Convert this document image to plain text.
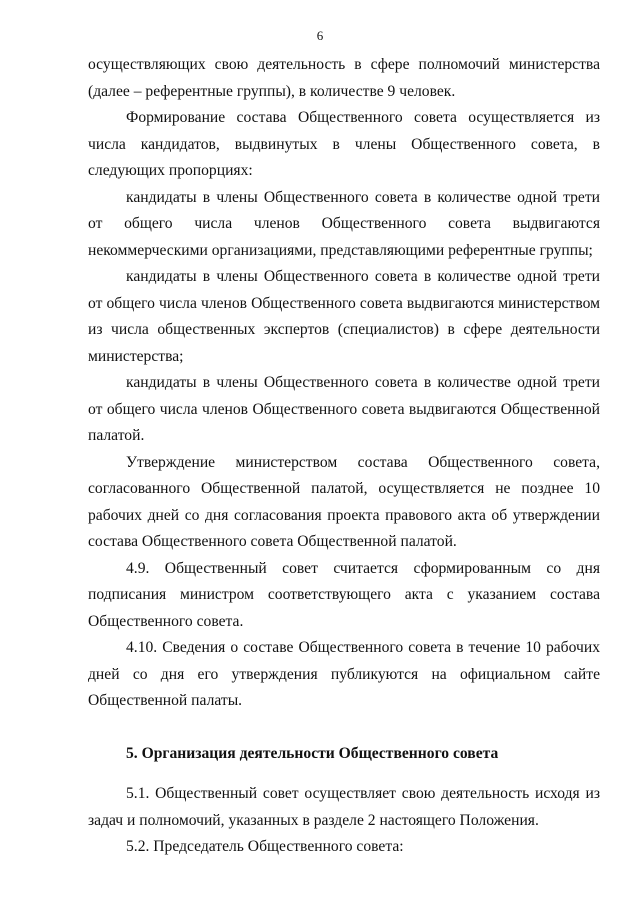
6

осуществляющих свою деятельность в сфере полномочий министерства (далее – референтные группы), в количестве 9 человек.

Формирование состава Общественного совета осуществляется из числа кандидатов, выдвинутых в члены Общественного совета, в следующих пропорциях:

кандидаты в члены Общественного совета в количестве одной трети от общего числа членов Общественного совета выдвигаются некоммерческими организациями, представляющими референтные группы;

кандидаты в члены Общественного совета в количестве одной трети от общего числа членов Общественного совета выдвигаются министерством из числа общественных экспертов (специалистов) в сфере деятельности министерства;

кандидаты в члены Общественного совета в количестве одной трети от общего числа членов Общественного совета выдвигаются Общественной палатой.

Утверждение министерством состава Общественного совета, согласованного Общественной палатой, осуществляется не позднее 10 рабочих дней со дня согласования проекта правового акта об утверждении состава Общественного совета Общественной палатой.

4.9. Общественный совет считается сформированным со дня подписания министром соответствующего акта с указанием состава Общественного совета.

4.10. Сведения о составе Общественного совета в течение 10 рабочих дней со дня его утверждения публикуются на официальном сайте Общественной палаты.

5. Организация деятельности Общественного совета

5.1. Общественный совет осуществляет свою деятельность исходя из задач и полномочий, указанных в разделе 2 настоящего Положения.

5.2. Председатель Общественного совета:
